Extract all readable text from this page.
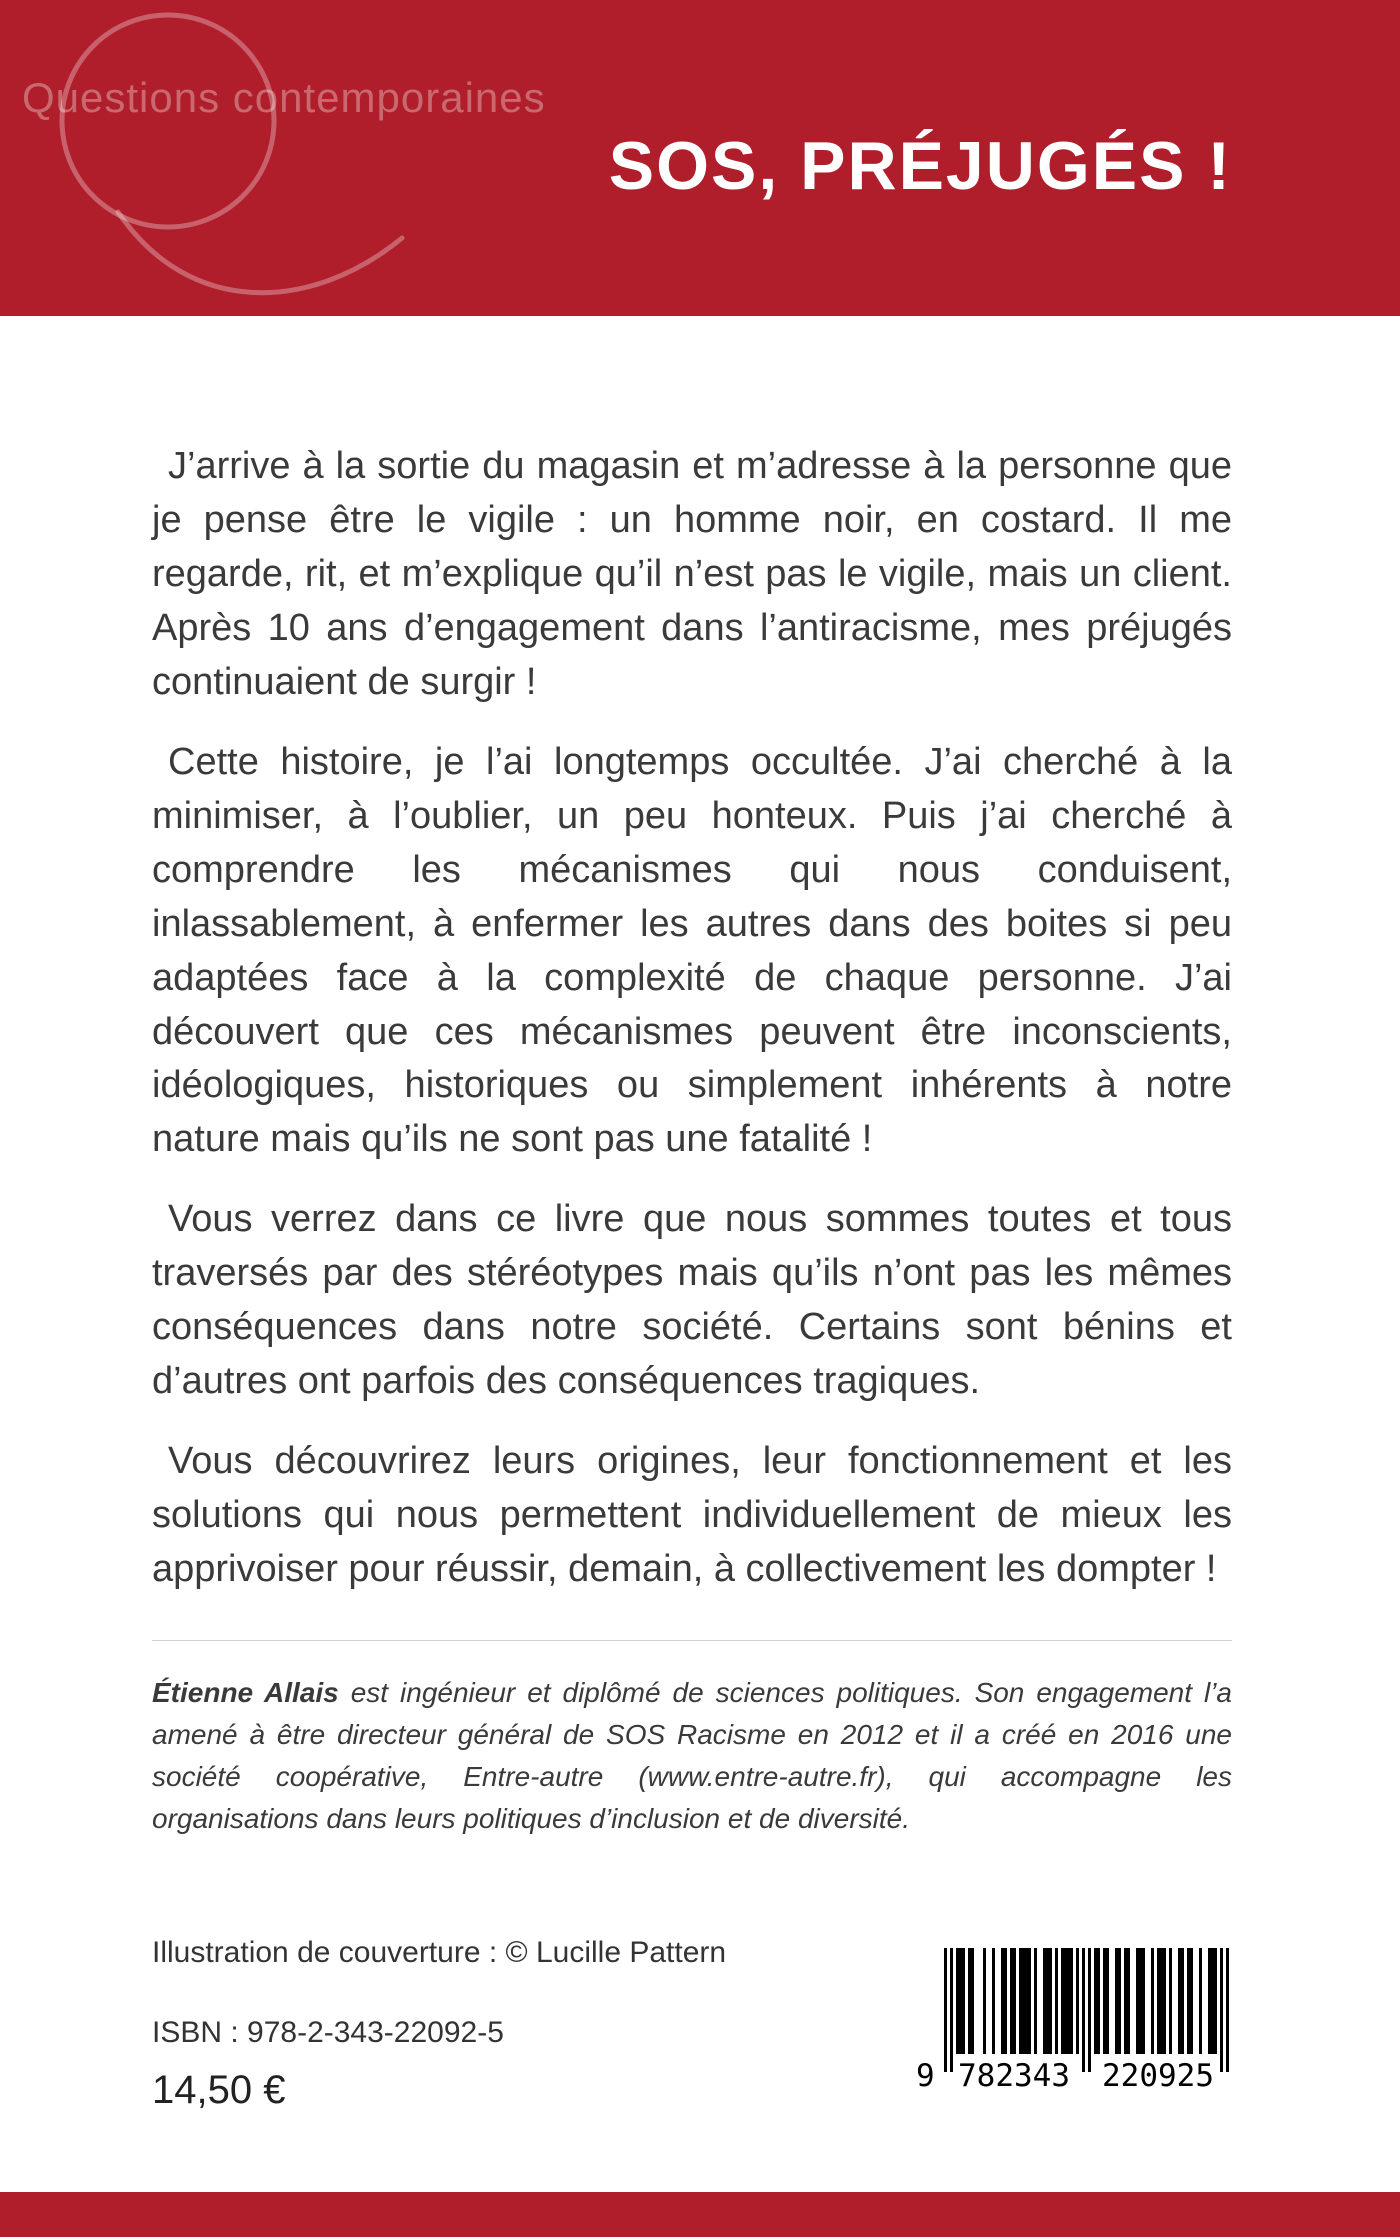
Questions contemporaines
SOS, PRÉJUGÉS !

J’arrive à la sortie du magasin et m’adresse à la personne que je pense être le vigile : un homme noir, en costard. Il me regarde, rit, et m’explique qu’il n’est pas le vigile, mais un client. Après 10 ans d’engagement dans l’antiracisme, mes préjugés continuaient de surgir !

Cette histoire, je l’ai longtemps occultée. J’ai cherché à la minimiser, à l’oublier, un peu honteux. Puis j’ai cherché à comprendre les mécanismes qui nous conduisent, inlassablement, à enfermer les autres dans des boites si peu adaptées face à la complexité de chaque personne. J’ai découvert que ces mécanismes peuvent être inconscients, idéologiques, historiques ou simplement inhérents à notre nature mais qu’ils ne sont pas une fatalité !

Vous verrez dans ce livre que nous sommes toutes et tous traversés par des stéréotypes mais qu’ils n’ont pas les mêmes conséquences dans notre société. Certains sont bénins et d’autres ont parfois des conséquences tragiques.

Vous découvrirez leurs origines, leur fonctionnement et les solutions qui nous permettent individuellement de mieux les apprivoiser pour réussir, demain, à collectivement les dompter !

Étienne Allais est ingénieur et diplômé de sciences politiques. Son engagement l’a amené à être directeur général de SOS Racisme en 2012 et il a créé en 2016 une société coopérative, Entre-autre (www.entre-autre.fr), qui accompagne les organisations dans leurs politiques d’inclusion et de diversité.
Illustration de couverture : © Lucille Pattern
ISBN : 978-2-343-22092-5
14,50 €	9 782343	220925
